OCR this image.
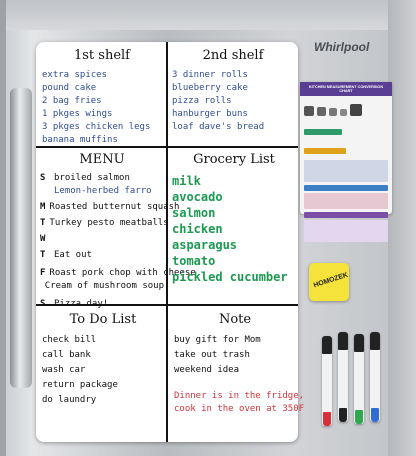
Whirlpool
1st shelf
extra spices
pound cake
2 bag fries
1 pkges wings
3 pkges chicken legs
banana muffins
2nd shelf
3 dinner rolls
blueberry cake
pizza rolls
hanburger buns
loaf dave's bread
MENU
S broiled salmon
Lemon-herbed farro
M Roasted butternut squash
T Turkey pesto meatballs
W
T Eat out
F Roast pork chop with cheese
Cream of mushroom soup
S Pizza day!
Grocery List
milk
avocado
salmon
chicken
asparagus
tomato
pickled cucumber
To Do List
check bill
call bank
wash car
return package
do laundry
Note
buy gift for Mom
take out trash
weekend idea
Dinner is in the fridge,
cook in the oven at 350F
KITCHEN MEASUREMENT CONVERSION CHART

HOMOZEK
